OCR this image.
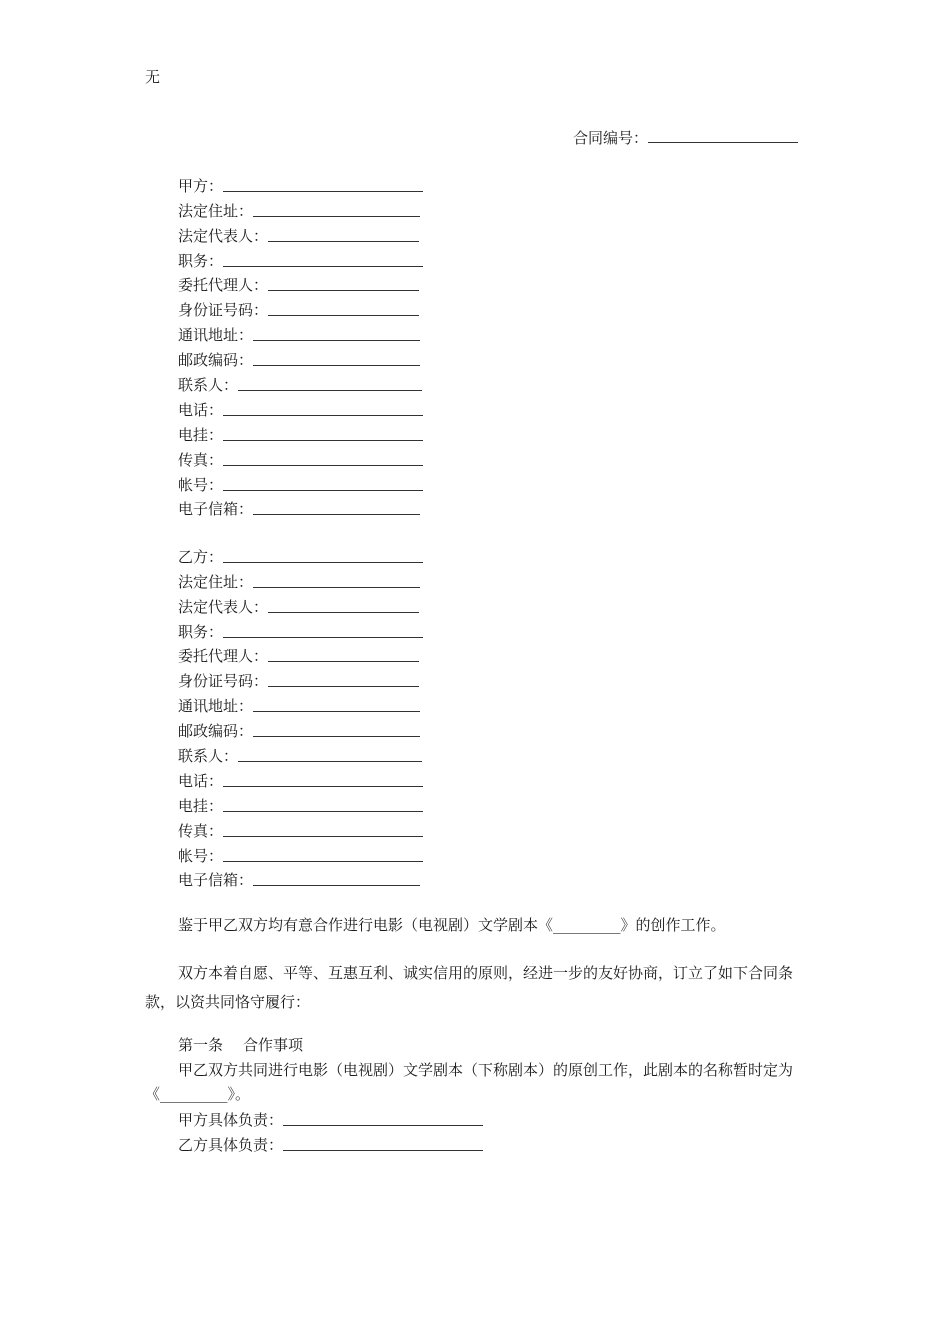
无
合同编号：
甲方：
法定住址：
法定代表人：
职务：
委托代理人：
身份证号码：
通讯地址：
邮政编码：
联系人：
电话：
电挂：
传真：
帐号：
电子信箱：
乙方：
法定住址：
法定代表人：
职务：
委托代理人：
身份证号码：
通讯地址：
邮政编码：
联系人：
电话：
电挂：
传真：
帐号：
电子信箱：
鉴于甲乙双方均有意合作进行电影（电视剧）文学剧本《_________》的创作工作。
双方本着自愿、平等、互惠互利、诚实信用的原则，经进一步的友好协商，订立了如下合同条款，以资共同恪守履行：
第一条 合作事项
甲乙双方共同进行电影（电视剧）文学剧本（下称剧本）的原创工作，此剧本的名称暂时定为《_________》。
甲方具体负责：
乙方具体负责：
